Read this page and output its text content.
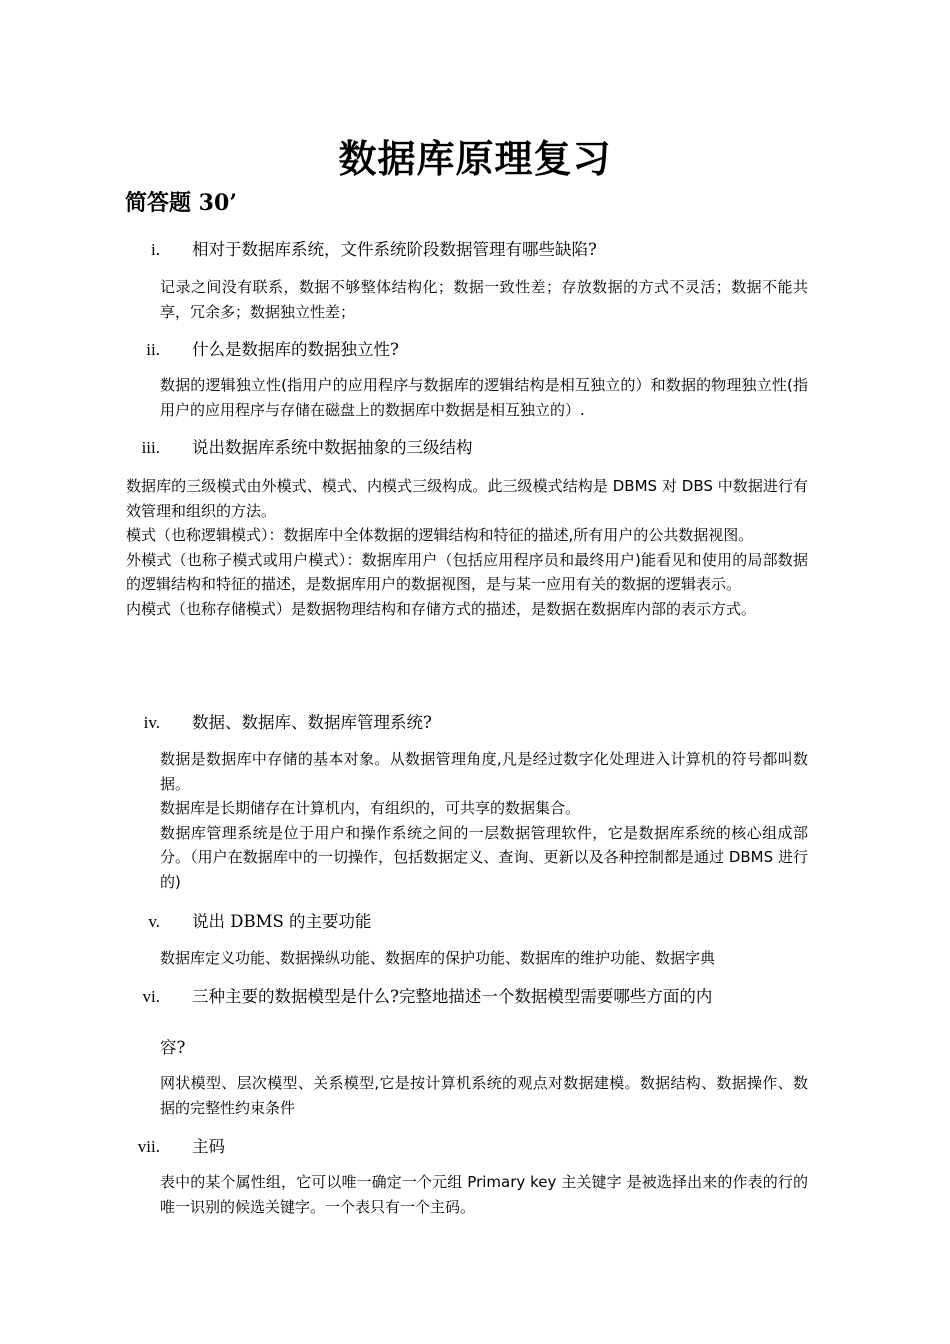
数据库原理复习
简答题 30’
i. 相对于数据库系统，文件系统阶段数据管理有哪些缺陷?

记录之间没有联系，数据不够整体结构化；数据一致性差；存放数据的方式不灵活；数据不能共享，冗余多；数据独立性差；

ii. 什么是数据库的数据独立性?

数据的逻辑独立性(指用户的应用程序与数据库的逻辑结构是相互独立的）和数据的物理独立性(指用户的应用程序与存储在磁盘上的数据库中数据是相互独立的）.

iii. 说出数据库系统中数据抽象的三级结构

数据库的三级模式由外模式、模式、内模式三级构成。此三级模式结构是 DBMS 对 DBS 中数据进行有效管理和组织的方法。

模式（也称逻辑模式）：数据库中全体数据的逻辑结构和特征的描述,所有用户的公共数据视图。

外模式（也称子模式或用户模式）：数据库用户（包括应用程序员和最终用户)能看见和使用的局部数据的逻辑结构和特征的描述，是数据库用户的数据视图，是与某一应用有关的数据的逻辑表示。

内模式（也称存储模式）是数据物理结构和存储方式的描述，是数据在数据库内部的表示方式。

iv. 数据、数据库、数据库管理系统?

数据是数据库中存储的基本对象。从数据管理角度,凡是经过数字化处理进入计算机的符号都叫数据。

数据库是长期储存在计算机内，有组织的，可共享的数据集合。

数据库管理系统是位于用户和操作系统之间的一层数据管理软件，它是数据库系统的核心组成部分。（用户在数据库中的一切操作，包括数据定义、查询、更新以及各种控制都是通过 DBMS 进行的)

v. 说出 DBMS 的主要功能

数据库定义功能、数据操纵功能、数据库的保护功能、数据库的维护功能、数据字典

vi. 三种主要的数据模型是什么?完整地描述一个数据模型需要哪些方面的内
容?

网状模型、层次模型、关系模型,它是按计算机系统的观点对数据建模。数据结构、数据操作、数据的完整性约束条件

vii. 主码

表中的某个属性组，它可以唯一确定一个元组 Primary key 主关键字 是被选择出来的作表的行的唯一识别的候选关键字。一个表只有一个主码。
